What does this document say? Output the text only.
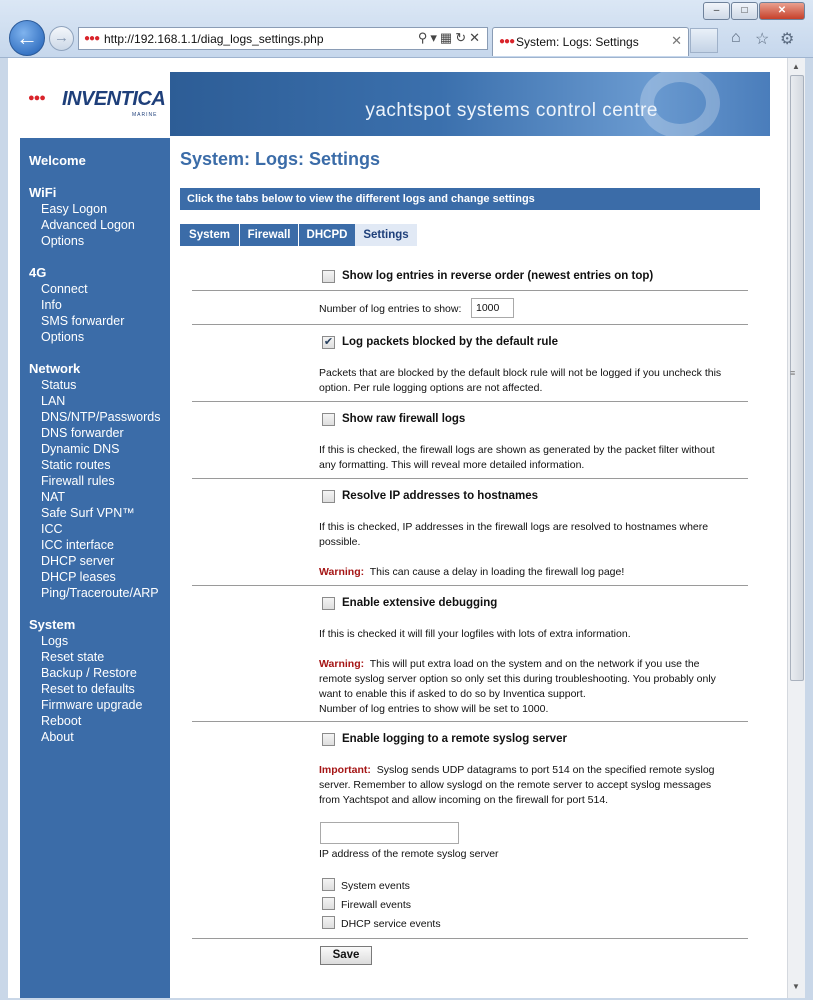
–	□	✕
←	→	●●● http://192.168.1.1/diag_logs_settings.php	⚲▾▦↻✕ ●●● System: Logs: Settings ✕	⌂ ☆ ⚙
●●● INVENTICA
MARINE	yachtspot systems control centre
Welcome
WiFi
Easy Logon
Advanced Logon
Options
4G
Connect
Info
SMS forwarder
Options
Network
Status
LAN
DNS/NTP/Passwords
DNS forwarder
Dynamic DNS
Static routes
Firewall rules
NAT
Safe Surf VPN™
ICC
ICC interface
DHCP server
DHCP leases
Ping/Traceroute/ARP
System
Logs
Reset state
Backup / Restore
Reset to defaults
Firmware upgrade
Reboot
About
System: Logs: Settings
Click the tabs below to view the different logs and change settings
System	Firewall	DHCPD	Settings
Show log entries in reverse order (newest entries on top)
Number of log entries to show:	1000
✔ Log packets blocked by the default rule
Packets that are blocked by the default block rule will not be logged if you uncheck this
option. Per rule logging options are not affected.
Show raw firewall logs
If this is checked, the firewall logs are shown as generated by the packet filter without
any formatting. This will reveal more detailed information.
Resolve IP addresses to hostnames
If this is checked, IP addresses in the firewall logs are resolved to hostnames where
possible.
Warning: This can cause a delay in loading the firewall log page!
Enable extensive debugging
If this is checked it will fill your logfiles with lots of extra information.
Warning: This will put extra load on the system and on the network if you use the
remote syslog server option so only set this during troubleshooting. You probably only
want to enable this if asked to do so by Inventica support.
Number of log entries to show will be set to 1000.
Enable logging to a remote syslog server
Important: Syslog sends UDP datagrams to port 514 on the specified remote syslog
server. Remember to allow syslogd on the remote server to accept syslog messages
from Yachtspot and allow incoming on the firewall for port 514.
IP address of the remote syslog server
System events
Firewall events
DHCP service events
Save
▲
≡
▼
